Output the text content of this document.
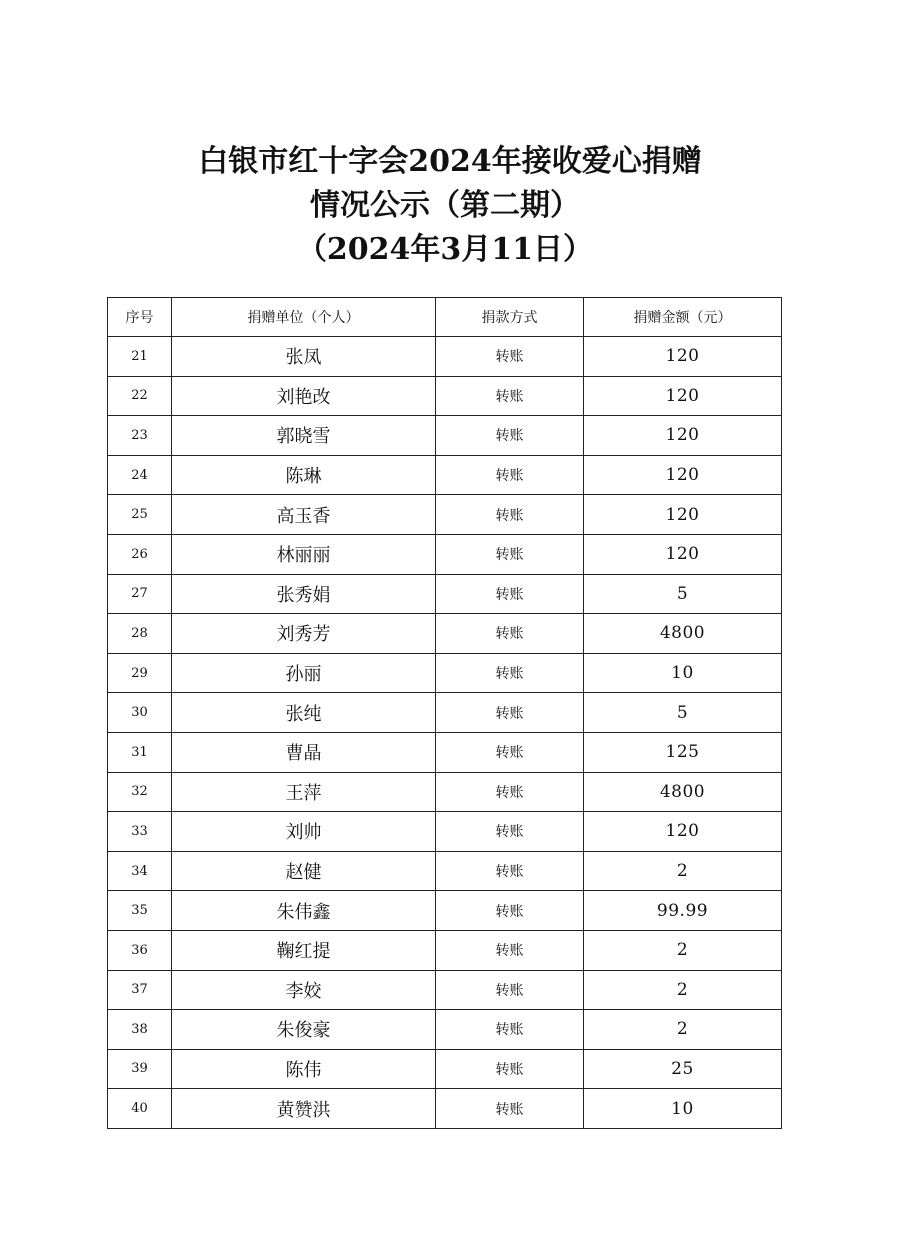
白银市红十字会2024年接收爱心捐赠
情况公示（第二期）
（2024年3月11日）
序号	捐赠单位（个人）	捐款方式	捐赠金额（元）
21	张凤	转账	120
22	刘艳改	转账	120
23	郭晓雪	转账	120
24	陈琳	转账	120
25	高玉香	转账	120
26	林丽丽	转账	120
27	张秀娟	转账	5
28	刘秀芳	转账	4800
29	孙丽	转账	10
30	张纯	转账	5
31	曹晶	转账	125
32	王萍	转账	4800
33	刘帅	转账	120
34	赵健	转账	2
35	朱伟鑫	转账	99.99
36	鞠红提	转账	2
37	李姣	转账	2
38	朱俊豪	转账	2
39	陈伟	转账	25
40	黄赞洪	转账	10
